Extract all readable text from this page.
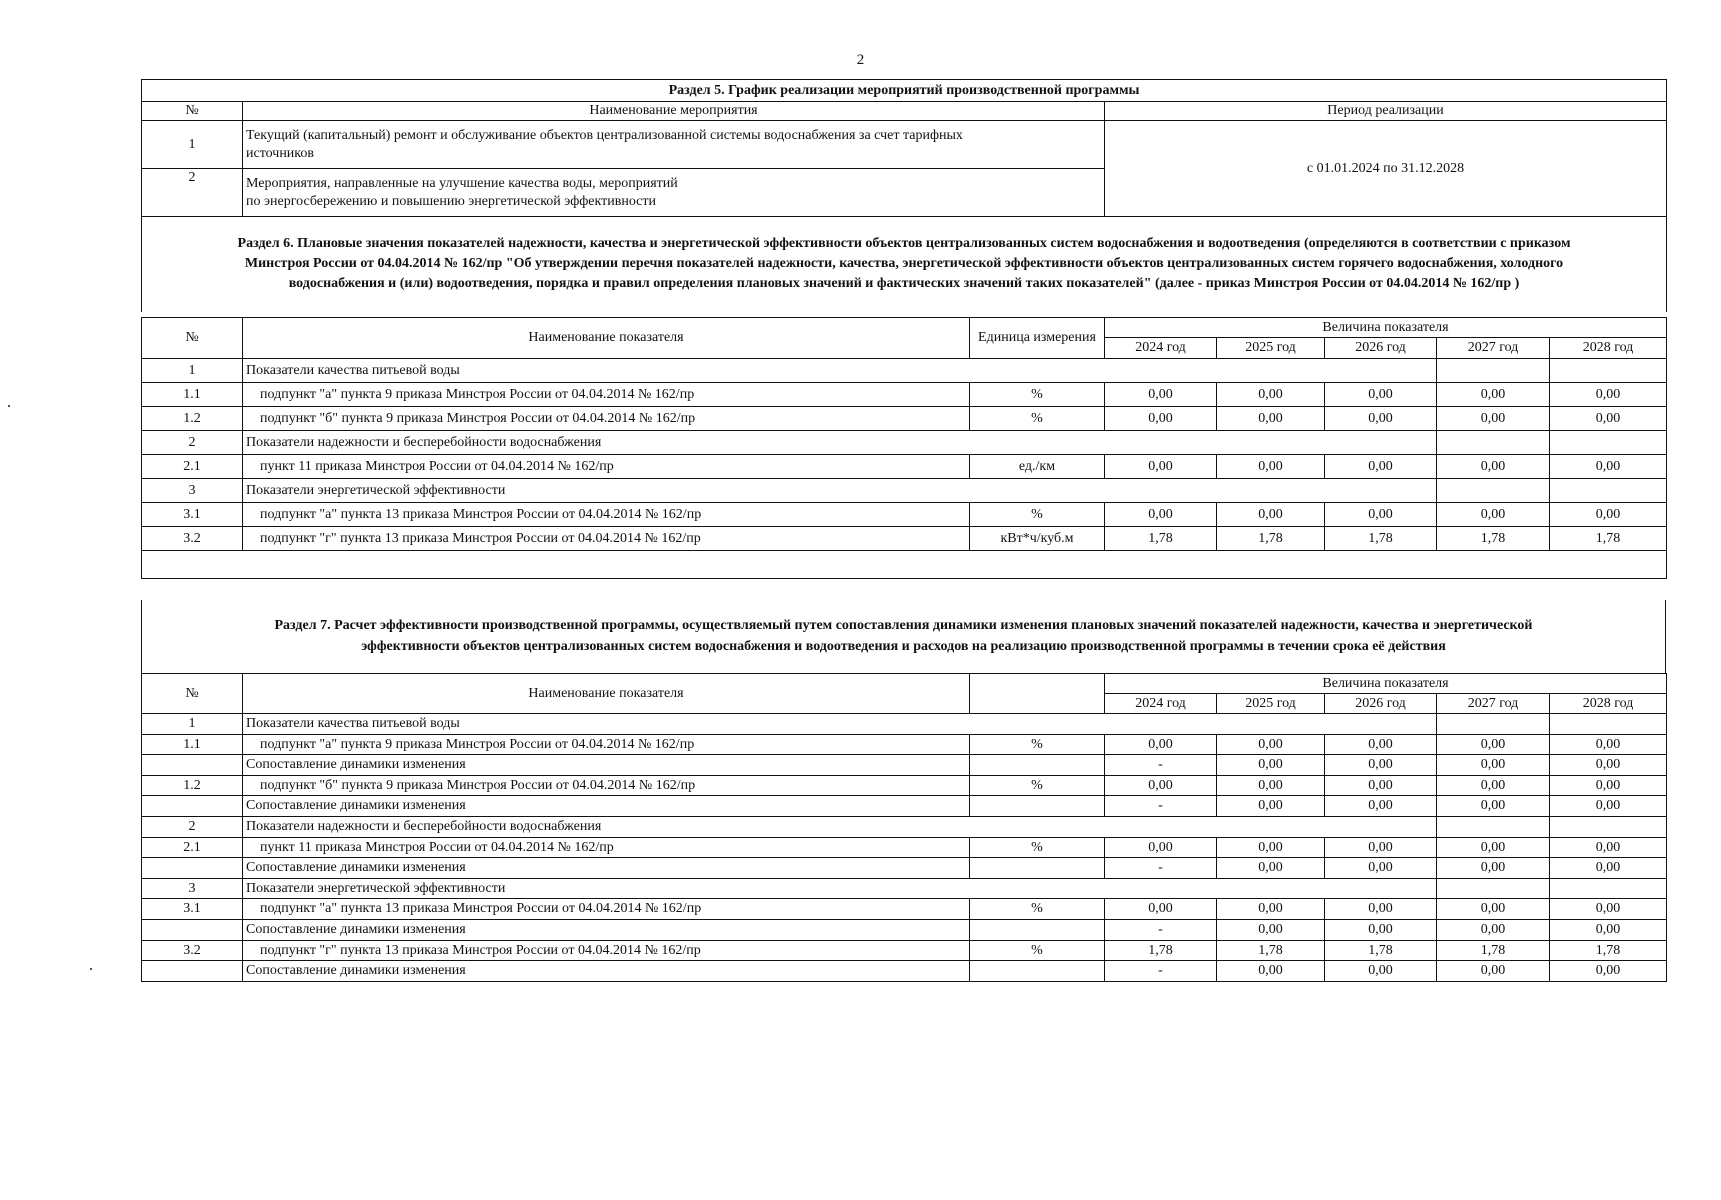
2
Раздел 5. График реализации мероприятий производственной программы		
№	Наименование мероприятия	Период реализации
1	Текущий (капитальный) ремонт и обслуживание объектов централизованной системы водоснабжения за счет тарифных
источников	с 01.01.2024 по 31.12.2028
2	Мероприятия, направленные на улучшение качества воды, мероприятий
по энергосбережению и повышению энергетической эффективности	

Раздел 6. Плановые значения показателей надежности, качества и энергетической эффективности объектов централизованных систем водоснабжения и водоотведения (определяются в соответствии с приказом
Минстроя России от 04.04.2014 № 162/пр "Об утверждении перечня показателей надежности, качества, энергетической эффективности объектов централизованных систем горячего водоснабжения, холодного
водоснабжения и (или) водоотведения, порядка и правил определения плановых значений и фактических значений таких показателей" (далее - приказ Минстроя России от 04.04.2014 № 162/пр )		
№	Наименование показателя	Единица измерения	Величина показателя				
			2024 год	2025 год	2026 год	2027 год	2028 год
1	Показатели качества питьевой воды						
1.1	подпункт "а" пункта 9 приказа Минстроя России от 04.04.2014 № 162/пр	%	0,00	0,00	0,00	0,00	0,00
1.2	подпункт "б" пункта 9 приказа Минстроя России от 04.04.2014 № 162/пр	%	0,00	0,00	0,00	0,00	0,00
2	Показатели надежности и бесперебойности водоснабжения						
2.1	пункт 11 приказа Минстроя России от 04.04.2014 № 162/пр	ед./км	0,00	0,00	0,00	0,00	0,00
3	Показатели энергетической эффективности						
3.1	подпункт "а" пункта 13 приказа Минстроя России от 04.04.2014 № 162/пр	%	0,00	0,00	0,00	0,00	0,00
3.2	подпункт "г" пункта 13 приказа Минстроя России от 04.04.2014 № 162/пр	кВт*ч/куб.м	1,78	1,78	1,78	1,78	1,78

Раздел 7. Расчет эффективности производственной программы, осуществляемый путем сопоставления динамики изменения плановых значений показателей надежности, качества и энергетической
эффективности объектов централизованных систем водоснабжения и водоотведения и расходов на реализацию производственной программы в течении срока её действия
№	Наименование показателя		Величина показателя				
			2024 год	2025 год	2026 год	2027 год	2028 год
1	Показатели качества питьевой воды						
1.1	подпункт "а" пункта 9 приказа Минстроя России от 04.04.2014 № 162/пр	%	0,00	0,00	0,00	0,00	0,00
	Сопоставление динамики изменения		-	0,00	0,00	0,00	0,00
1.2	подпункт "б" пункта 9 приказа Минстроя России от 04.04.2014 № 162/пр	%	0,00	0,00	0,00	0,00	0,00
	Сопоставление динамики изменения		-	0,00	0,00	0,00	0,00
2	Показатели надежности и бесперебойности водоснабжения						
2.1	пункт 11 приказа Минстроя России от 04.04.2014 № 162/пр	%	0,00	0,00	0,00	0,00	0,00
	Сопоставление динамики изменения		-	0,00	0,00	0,00	0,00
3	Показатели энергетической эффективности						
3.1	подпункт "а" пункта 13 приказа Минстроя России от 04.04.2014 № 162/пр	%	0,00	0,00	0,00	0,00	0,00
	Сопоставление динамики изменения		-	0,00	0,00	0,00	0,00
3.2	подпункт "г" пункта 13 приказа Минстроя России от 04.04.2014 № 162/пр	%	1,78	1,78	1,78	1,78	1,78
	Сопоставление динамики изменения		-	0,00	0,00	0,00	0,00
